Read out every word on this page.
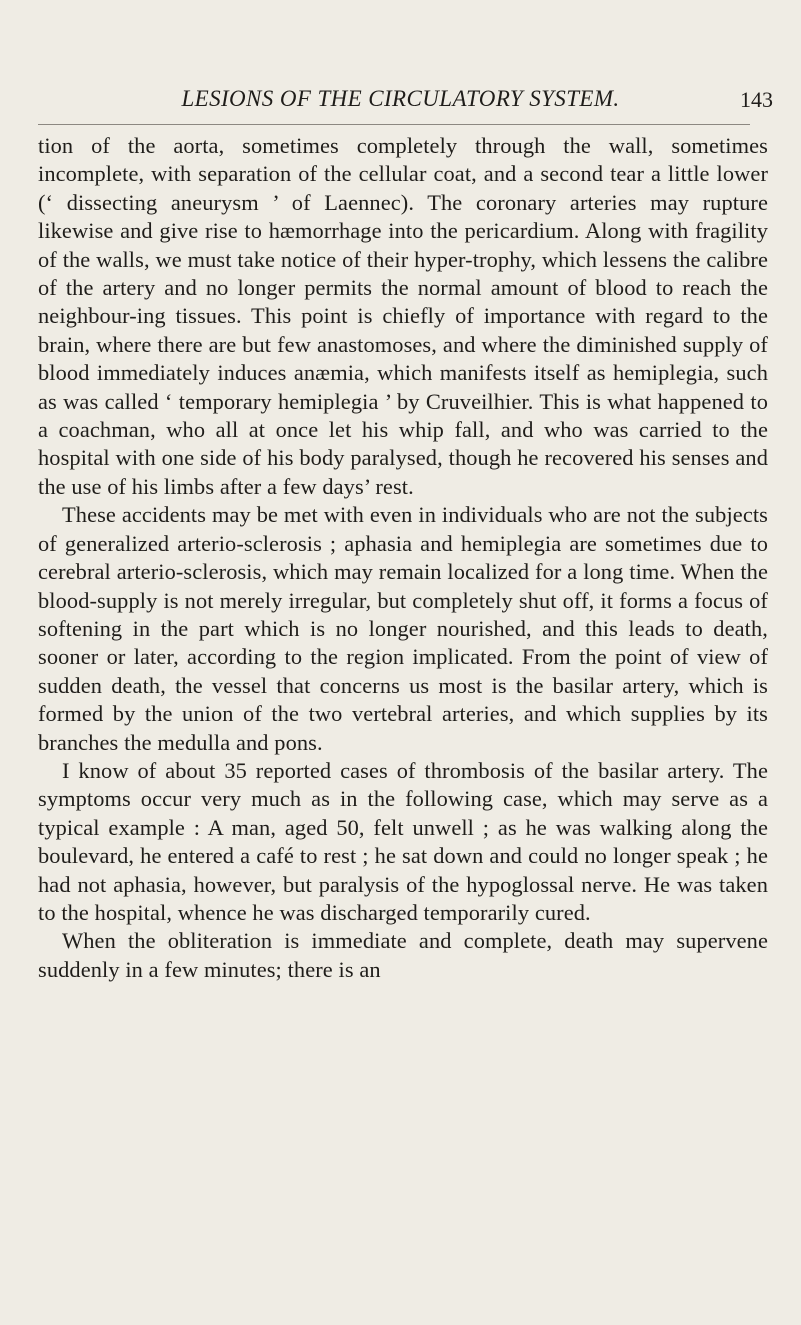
LESIONS OF THE CIRCULATORY SYSTEM.	143

tion of the aorta, sometimes completely through the wall, sometimes incomplete, with separation of the cellular coat, and a second tear a little lower (‘ dissecting aneurysm ’ of Laennec). The coronary arteries may rupture likewise and give rise to hæmorrhage into the pericardium. Along with fragility of the walls, we must take notice of their hyper-trophy, which lessens the calibre of the artery and no longer permits the normal amount of blood to reach the neighbour-ing tissues. This point is chiefly of importance with regard to the brain, where there are but few anastomoses, and where the diminished supply of blood immediately induces anæmia, which manifests itself as hemiplegia, such as was called ‘ temporary hemiplegia ’ by Cruveilhier. This is what happened to a coachman, who all at once let his whip fall, and who was carried to the hospital with one side of his body paralysed, though he recovered his senses and the use of his limbs after a few days’ rest.

These accidents may be met with even in individuals who are not the subjects of generalized arterio-sclerosis ; aphasia and hemiplegia are sometimes due to cerebral arterio-sclerosis, which may remain localized for a long time. When the blood-supply is not merely irregular, but completely shut off, it forms a focus of softening in the part which is no longer nourished, and this leads to death, sooner or later, according to the region implicated. From the point of view of sudden death, the vessel that concerns us most is the basilar artery, which is formed by the union of the two vertebral arteries, and which supplies by its branches the medulla and pons.

I know of about 35 reported cases of thrombosis of the basilar artery. The symptoms occur very much as in the following case, which may serve as a typical example : A man, aged 50, felt unwell ; as he was walking along the boulevard, he entered a café to rest ; he sat down and could no longer speak ; he had not aphasia, however, but paralysis of the hypoglossal nerve. He was taken to the hospital, whence he was discharged temporarily cured.

When the obliteration is immediate and complete, death may supervene suddenly in a few minutes; there is an
